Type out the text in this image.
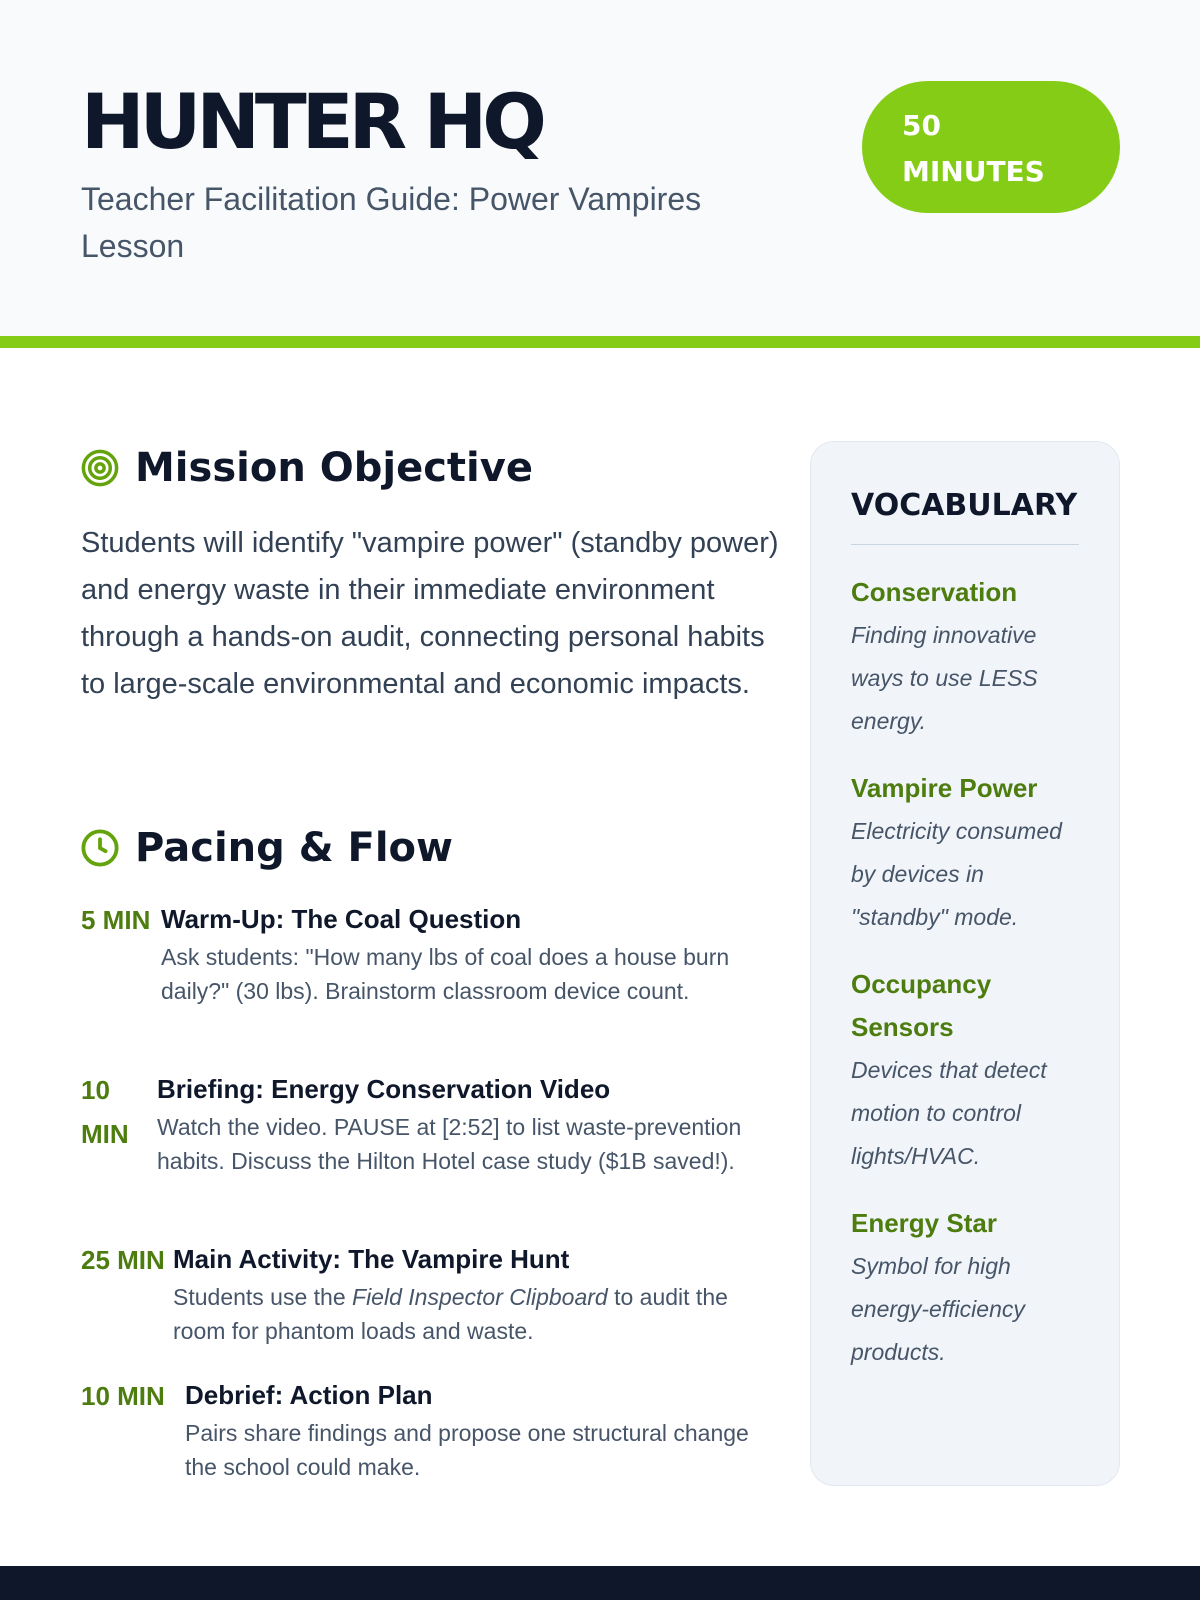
HUNTER HQ

Teacher Facilitation Guide: Power Vampires Lesson

50
MINUTES
Mission Objective

Students will identify "vampire power" (standby power) and energy waste in their immediate environment through a hands-on audit, connecting personal habits to large-scale environmental and economic impacts.

Pacing & Flow
5 MIN Warm-Up: The Coal Question
Ask students: "How many lbs of coal does a house burn daily?" (30 lbs). Brainstorm classroom device count.
10 MIN
Briefing: Energy Conservation Video
Watch the video. PAUSE at [2:52] to list waste-prevention habits. Discuss the Hilton Hotel case study ($1B saved!).
25 MIN Main Activity: The Vampire Hunt
Students use the Field Inspector Clipboard to audit the room for phantom loads and waste.
10 MIN Debrief: Action Plan
Pairs share findings and propose one structural change the school could make.
VOCABULARY
Conservation
Finding innovative ways to use LESS energy.
Vampire Power
Electricity consumed by devices in "standby" mode.
Occupancy Sensors
Devices that detect motion to control lights/HVAC.
Energy Star
Symbol for high energy-efficiency products.
